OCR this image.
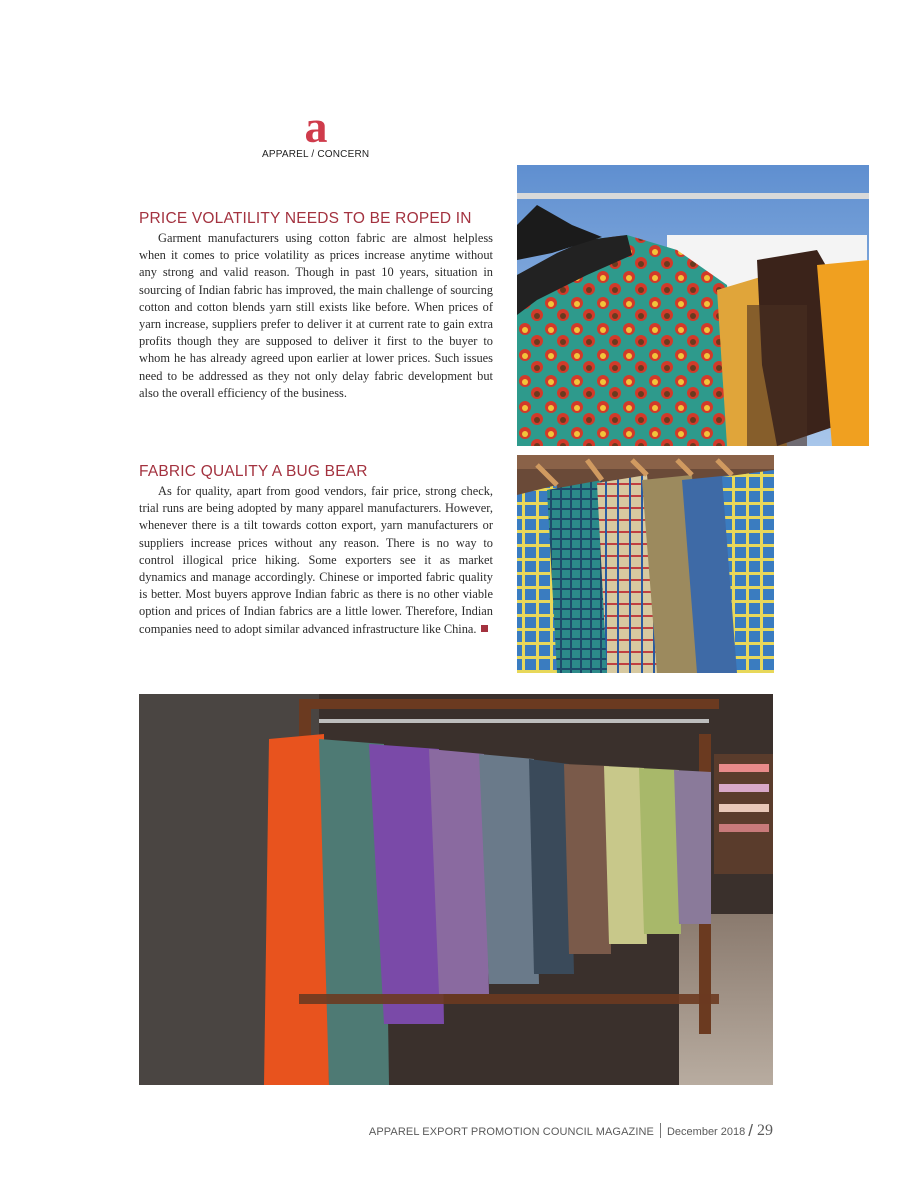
a
APPAREL / CONCERN
PRICE VOLATILITY NEEDS TO BE ROPED IN

Garment manufacturers using cotton fabric are almost helpless when it comes to price volatility as prices increase anytime without any strong and valid reason. Though in past 10 years, situation in sourcing of Indian fabric has improved, the main challenge of sourcing cotton and cotton blends yarn still exists like before. When prices of yarn increase, suppliers prefer to deliver it at current rate to gain extra profits though they are supposed to deliver it first to the buyer to whom he has already agreed upon earlier at lower prices. Such issues need to be addressed as they not only delay fabric development but also the overall efficiency of the business.

FABRIC QUALITY A BUG BEAR

As for quality, apart from good vendors, fair price, strong check, trial runs are being adopted by many apparel manufacturers. However, whenever there is a tilt towards cotton export, yarn manufacturers or suppliers increase prices without any reason. There is no way to control illogical price hiking. Some exporters see it as market dynamics and manage accordingly. Chinese or imported fabric quality is better. Most buyers approve Indian fabric as there is no other viable option and prices of Indian fabrics are a little lower. Therefore, Indian companies need to adopt similar advanced infrastructure like China.

APPAREL EXPORT PROMOTION COUNCIL MAGAZINE December 2018 / 29
